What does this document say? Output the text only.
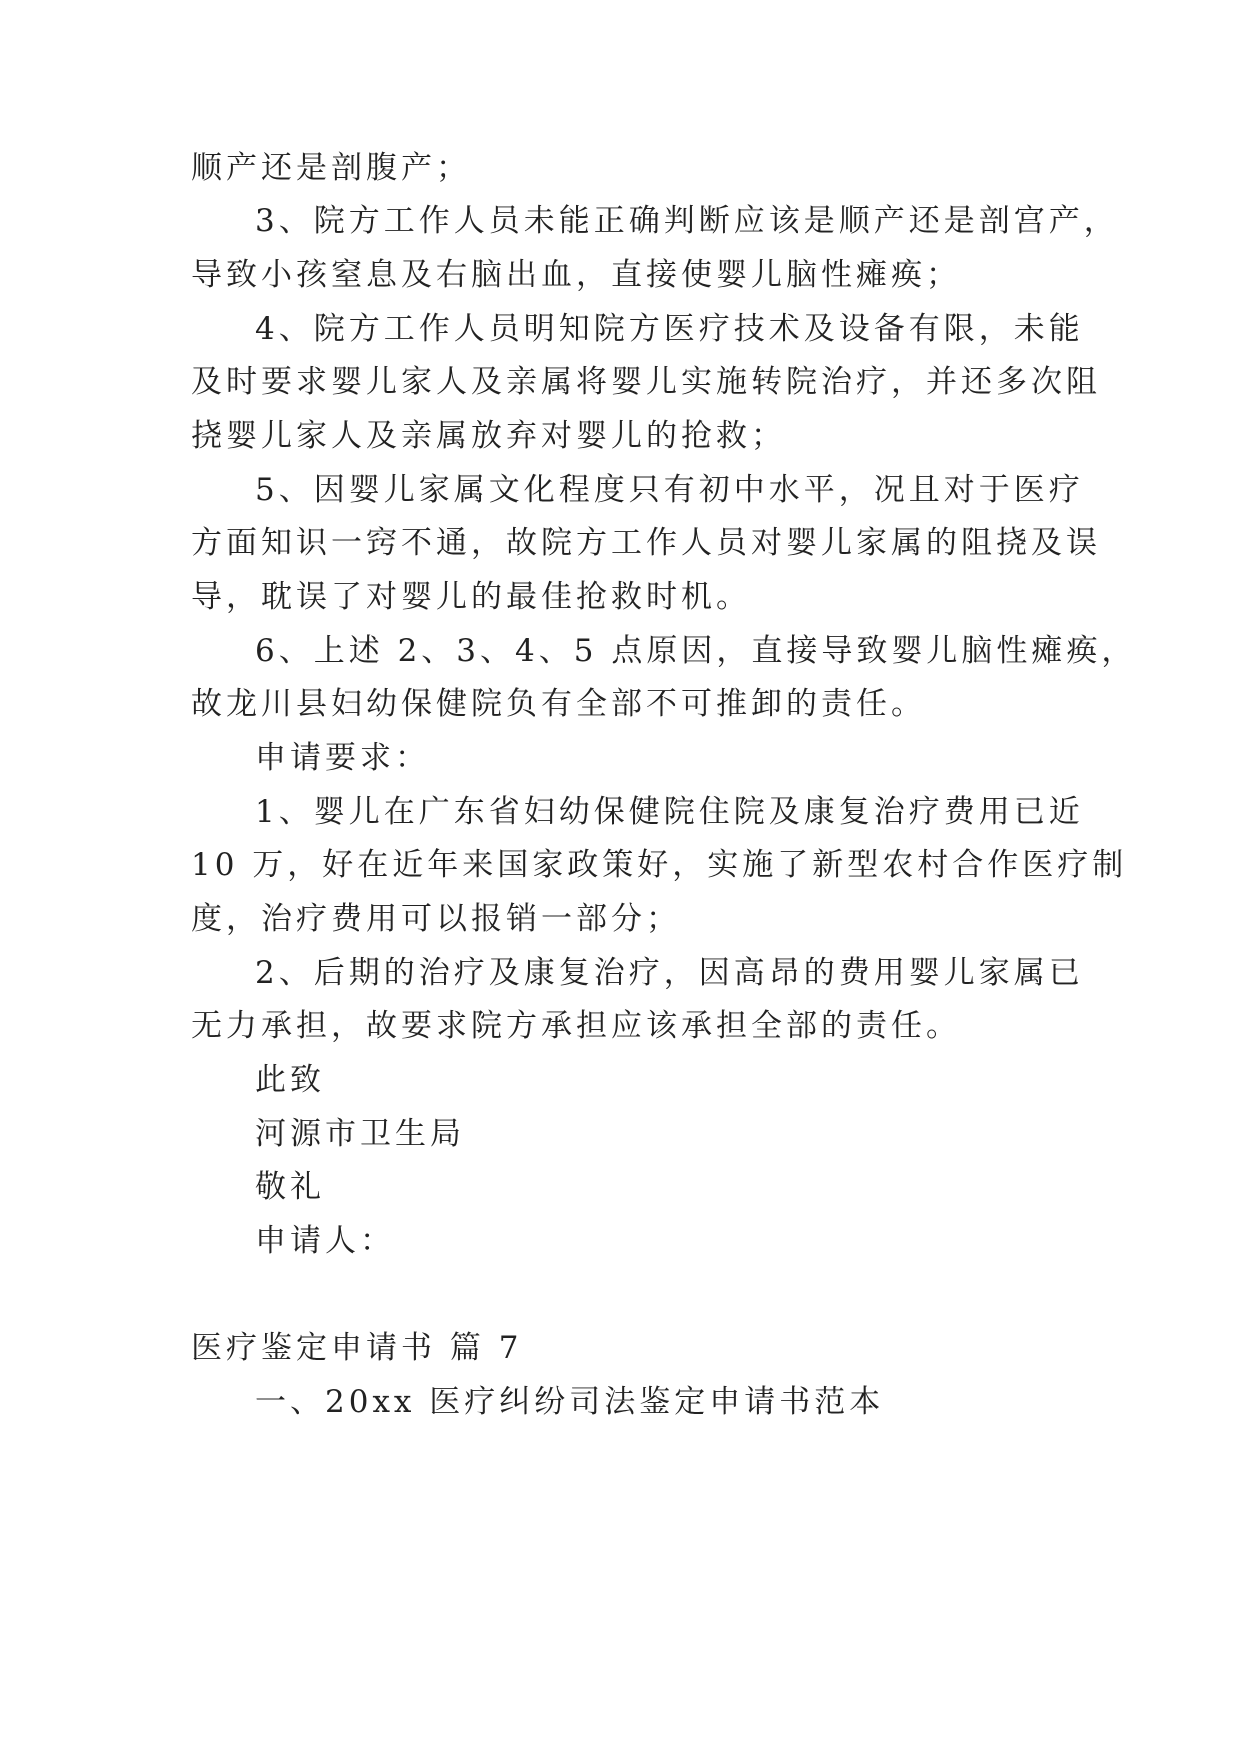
顺产还是剖腹产；
3、院方工作人员未能正确判断应该是顺产还是剖宫产，
导致小孩窒息及右脑出血，直接使婴儿脑性瘫痪；
4、院方工作人员明知院方医疗技术及设备有限，未能
及时要求婴儿家人及亲属将婴儿实施转院治疗，并还多次阻
挠婴儿家人及亲属放弃对婴儿的抢救；
5、因婴儿家属文化程度只有初中水平，况且对于医疗
方面知识一窍不通，故院方工作人员对婴儿家属的阻挠及误
导，耽误了对婴儿的最佳抢救时机。
6、上述 2、3、4、5 点原因，直接导致婴儿脑性瘫痪，
故龙川县妇幼保健院负有全部不可推卸的责任。
申请要求：
1、婴儿在广东省妇幼保健院住院及康复治疗费用已近
10 万，好在近年来国家政策好，实施了新型农村合作医疗制
度，治疗费用可以报销一部分；
2、后期的治疗及康复治疗，因高昂的费用婴儿家属已
无力承担，故要求院方承担应该承担全部的责任。
此致
河源市卫生局
敬礼
申请人：
医疗鉴定申请书 篇 7
一、20xx 医疗纠纷司法鉴定申请书范本
